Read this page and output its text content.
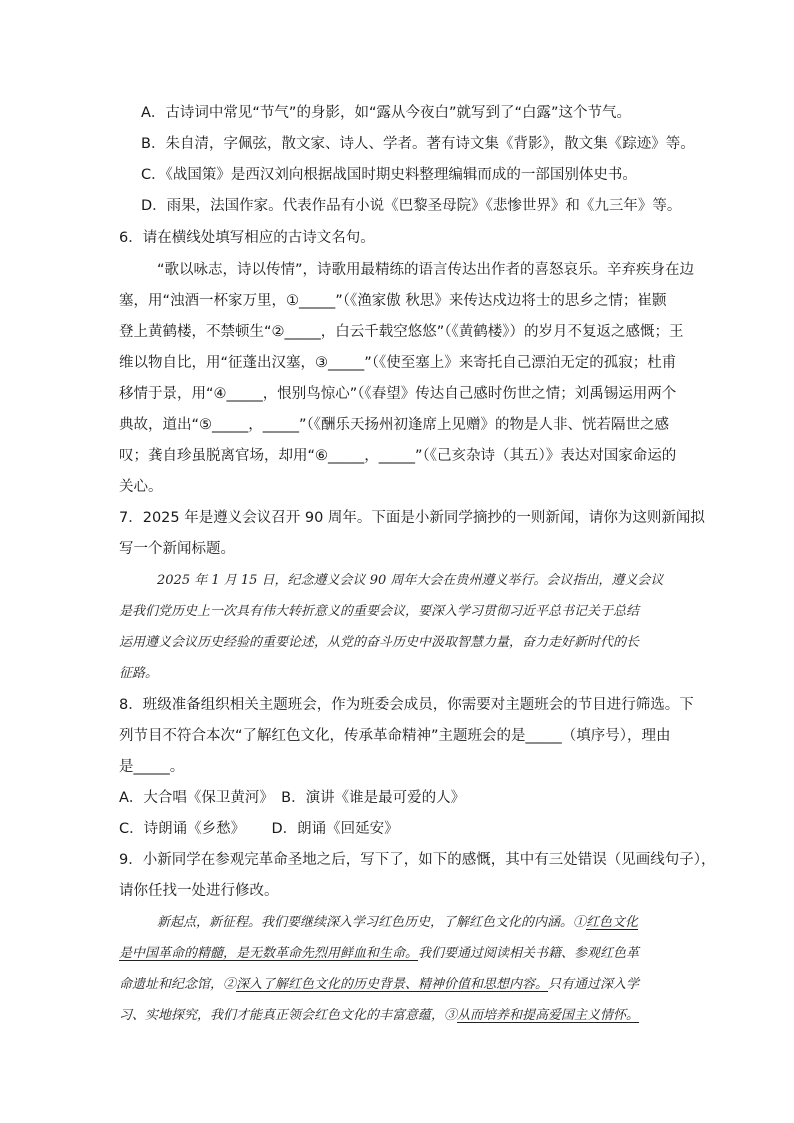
A．古诗词中常见“节气”的身影，如“露从今夜白”就写到了“白露”这个节气。
B．朱自清，字佩弦，散文家、诗人、学者。著有诗文集《背影》，散文集《踪迹》等。
C．《战国策》是西汉刘向根据战国时期史料整理编辑而成的一部国别体史书。
D．雨果，法国作家。代表作品有小说《巴黎圣母院》《悲惨世界》和《九三年》等。
6．请在横线处填写相应的古诗文名句。
“歌以咏志，诗以传情”，诗歌用最精练的语言传达出作者的喜怒哀乐。辛弃疾身在边
塞，用“浊酒一杯家万里，①_____”（《渔家傲 秋思》来传达戍边将士的思乡之情；崔颢
登上黄鹤楼，不禁顿生“②_____，白云千载空悠悠”（《黄鹤楼》）的岁月不复返之感慨；王
维以物自比，用“征蓬出汉塞，③_____”（《使至塞上》来寄托自己漂泊无定的孤寂；杜甫
移情于景，用“④_____，恨别鸟惊心”（《春望》传达自己感时伤世之情；刘禹锡运用两个
典故，道出“⑤_____，_____”（《酬乐天扬州初逢席上见赠》的物是人非、恍若隔世之感
叹；龚自珍虽脱离官场，却用“⑥_____，_____”（《己亥杂诗（其五）》表达对国家命运的
关心。
7．2025 年是遵义会议召开 90 周年。下面是小新同学摘抄的一则新闻，请你为这则新闻拟
写一个新闻标题。
2025 年 1 月 15 日，纪念遵义会议 90 周年大会在贵州遵义举行。会议指出，遵义会议
是我们党历史上一次具有伟大转折意义的重要会议，要深入学习贯彻习近平总书记关于总结
运用遵义会议历史经验的重要论述，从党的奋斗历史中汲取智慧力量，奋力走好新时代的长
征路。
8．班级准备组织相关主题班会，作为班委会成员，你需要对主题班会的节目进行筛选。下
列节目不符合本次“了解红色文化，传承革命精神”主题班会的是_____（填序号），理由
是_____。
A．大合唱《保卫黄河》　B．演讲《谁是最可爱的人》
C．诗朗诵《乡愁》　　 D．朗诵《回延安》
9．小新同学在参观完革命圣地之后，写下了，如下的感慨，其中有三处错误（见画线句子），
请你任找一处进行修改。
新起点，新征程。我们要继续深入学习红色历史，了解红色文化的内涵。①红色文化
是中国革命的精髓，是无数革命先烈用鲜血和生命。我们要通过阅读相关书籍、参观红色革
命遗址和纪念馆，②深入了解红色文化的历史背景、精神价值和思想内容。只有通过深入学
习、实地探究，我们才能真正领会红色文化的丰富意蕴，③从而培养和提高爱国主义情怀。
